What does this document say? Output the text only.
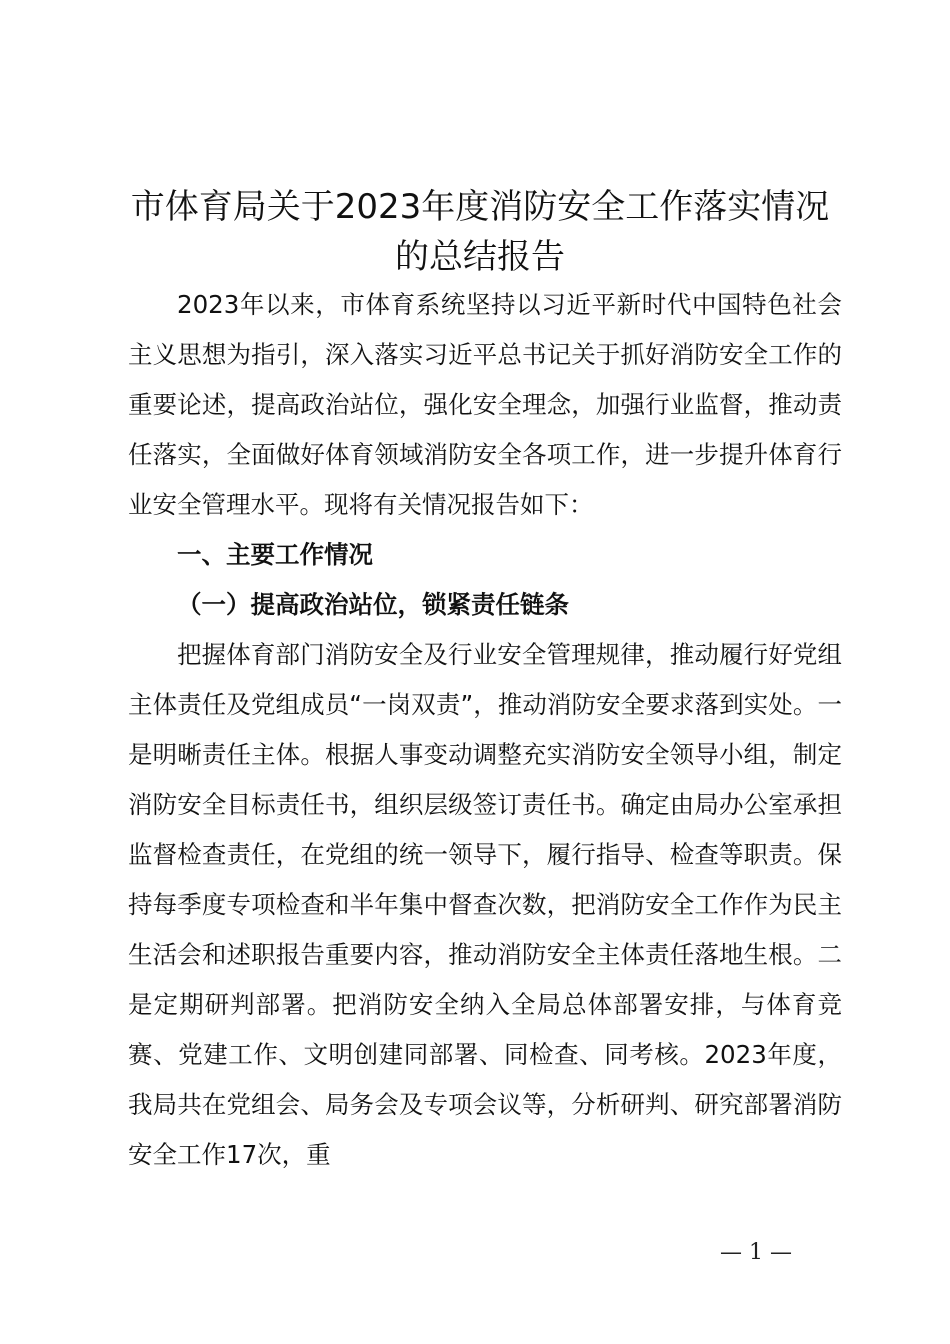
市体育局关于2023年度消防安全工作落实情况的总结报告

2023年以来，市体育系统坚持以习近平新时代中国特色社会主义思想为指引，深入落实习近平总书记关于抓好消防安全工作的重要论述，提高政治站位，强化安全理念，加强行业监督，推动责任落实，全面做好体育领域消防安全各项工作，进一步提升体育行业安全管理水平。现将有关情况报告如下：

一、主要工作情况
（一）提高政治站位，锁紧责任链条

把握体育部门消防安全及行业安全管理规律，推动履行好党组主体责任及党组成员“一岗双责”，推动消防安全要求落到实处。一是明晰责任主体。根据人事变动调整充实消防安全领导小组，制定消防安全目标责任书，组织层级签订责任书。确定由局办公室承担监督检查责任，在党组的统一领导下，履行指导、检查等职责。保持每季度专项检查和半年集中督查次数，把消防安全工作作为民主生活会和述职报告重要内容，推动消防安全主体责任落地生根。二是定期研判部署。把消防安全纳入全局总体部署安排，与体育竞赛、党建工作、文明创建同部署、同检查、同考核。2023年度，我局共在党组会、局务会及专项会议等，分析研判、研究部署消防安全工作17次，重

— 1 —
